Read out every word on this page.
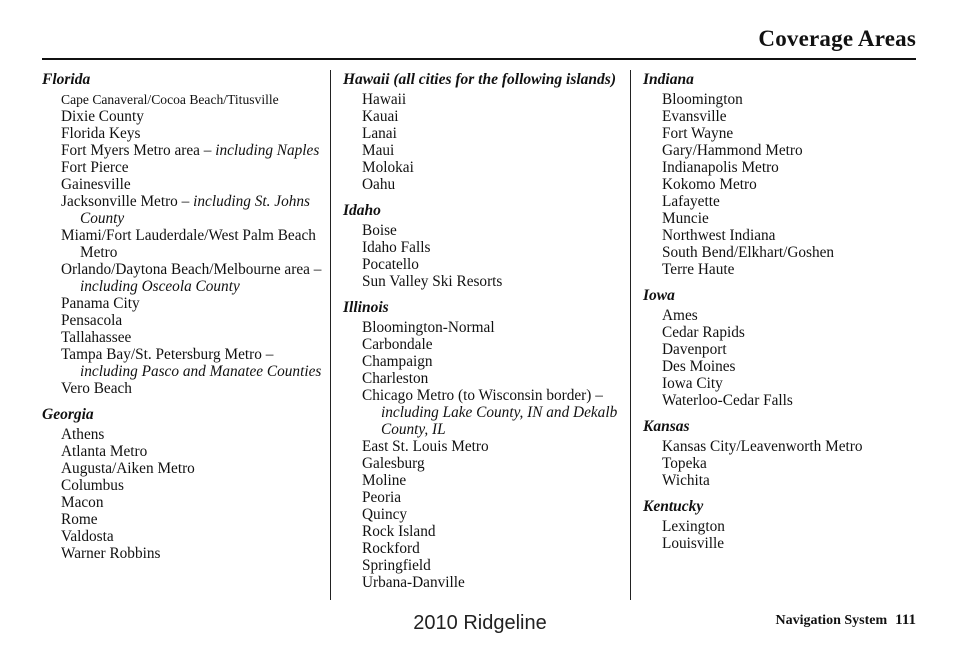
Coverage Areas
Florida
Cape Canaveral/Cocoa Beach/Titusville
Dixie County
Florida Keys
Fort Myers Metro area – including Naples
Fort Pierce
Gainesville
Jacksonville Metro – including St. Johns County
Miami/Fort Lauderdale/West Palm Beach Metro
Orlando/Daytona Beach/Melbourne area – including Osceola County
Panama City
Pensacola
Tallahassee
Tampa Bay/St. Petersburg Metro – including Pasco and Manatee Counties
Vero Beach
Georgia
Athens
Atlanta Metro
Augusta/Aiken Metro
Columbus
Macon
Rome
Valdosta
Warner Robbins
Hawaii (all cities for the following islands)
Hawaii
Kauai
Lanai
Maui
Molokai
Oahu
Idaho
Boise
Idaho Falls
Pocatello
Sun Valley Ski Resorts
Illinois
Bloomington-Normal
Carbondale
Champaign
Charleston
Chicago Metro (to Wisconsin border) – including Lake County, IN and Dekalb County, IL
East St. Louis Metro
Galesburg
Moline
Peoria
Quincy
Rock Island
Rockford
Springfield
Urbana-Danville
Indiana
Bloomington
Evansville
Fort Wayne
Gary/Hammond Metro
Indianapolis Metro
Kokomo Metro
Lafayette
Muncie
Northwest Indiana
South Bend/Elkhart/Goshen
Terre Haute
Iowa
Ames
Cedar Rapids
Davenport
Des Moines
Iowa City
Waterloo-Cedar Falls
Kansas
Kansas City/Leavenworth Metro
Topeka
Wichita
Kentucky
Lexington
Louisville
Navigation System 111
2010 Ridgeline
